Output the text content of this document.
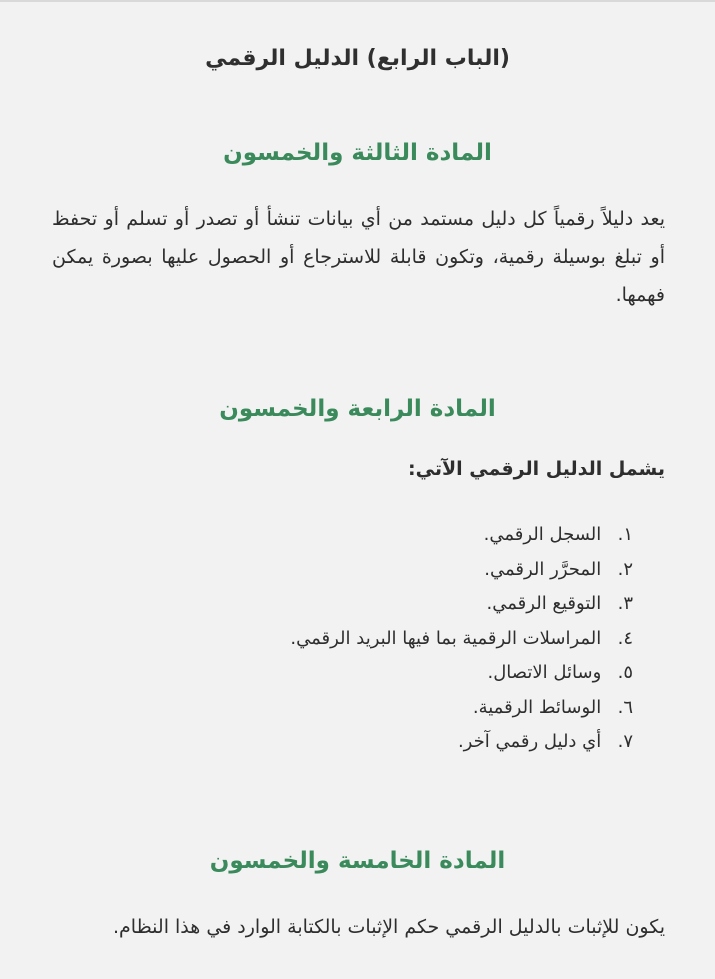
(الباب الرابع) الدليل الرقمي
المادة الثالثة والخمسون
يعد دليلاً رقمياً كل دليل مستمد من أي بيانات تنشأ أو تصدر أو تسلم أو تحفظ أو تبلغ بوسيلة رقمية، وتكون قابلة للاسترجاع أو الحصول عليها بصورة يمكن فهمها.
المادة الرابعة والخمسون
يشمل الدليل الرقمي الآتي:
١. السجل الرقمي.
٢. المحرَّر الرقمي.
٣. التوقيع الرقمي.
٤. المراسلات الرقمية بما فيها البريد الرقمي.
٥. وسائل الاتصال.
٦. الوسائط الرقمية.
٧. أي دليل رقمي آخر.
المادة الخامسة والخمسون
يكون للإثبات بالدليل الرقمي حكم الإثبات بالكتابة الوارد في هذا النظام.
